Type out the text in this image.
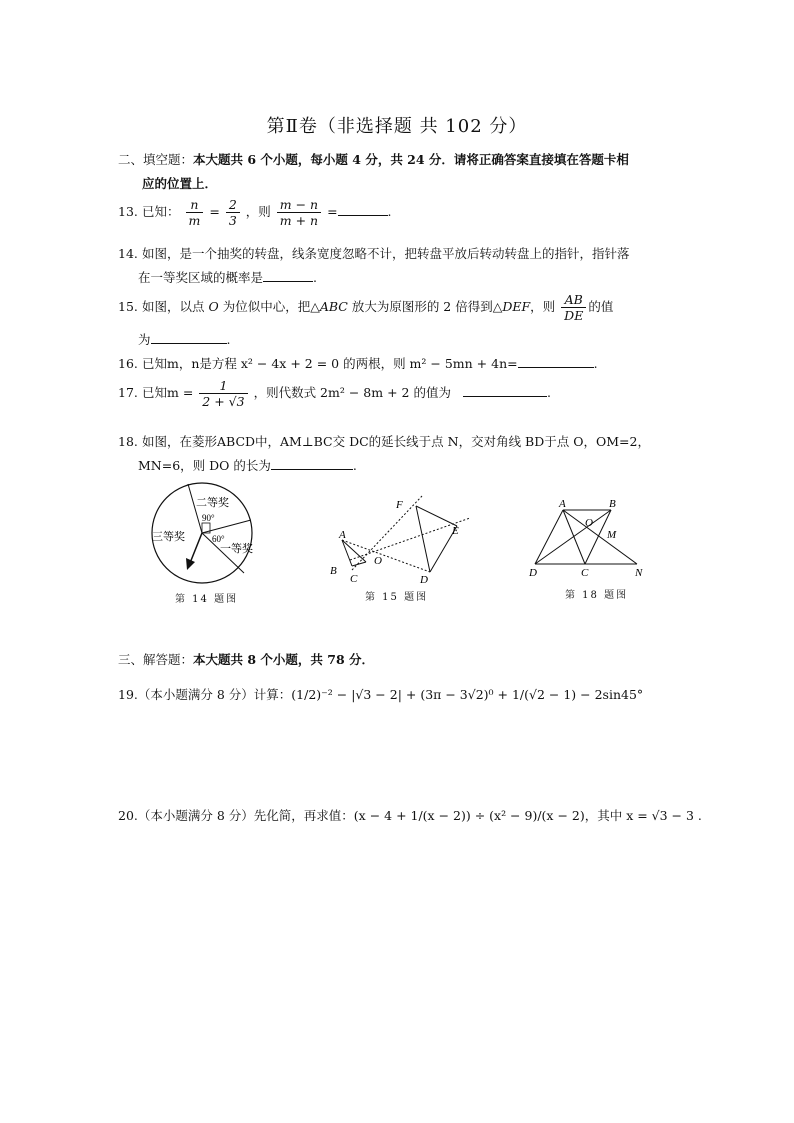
第Ⅱ卷（非选择题 共 102 分）
二、填空题：本大题共 6 个小题，每小题 4 分，共 24 分．请将正确答案直接填在答题卡相
应的位置上．
13. 已知： $\frac{n}{m} = \frac{2}{3}$ ，则 $\frac{m - n}{m + n}$ =	.
14. 如图，是一个抽奖的转盘，线条宽度忽略不计，把转盘平放后转动转盘上的指针，指针落
在一等奖区域的概率是	.
15. 如图，以点 O 为位似中心，把△ABC 放大为原图形的 2 倍得到△DEF，则 $\frac{AB}{DE}$ 的值
为	.
16. 已知m，n是方程 x² − 4x + 2 = 0 的两根，则 m² − 5mn + 4n=	.
17. 已知$m = \frac{1}{2 + √3}$ ，则代数式 2m² − 8m + 2 的值为	.
18. 如图，在菱形ABCD中，AM⊥BC交 DC的延长线于点 N，交对角线 BD于点 O，OM=2，
MN=6，则 DO 的长为	.
二等奖
90°
三等奖	60°
一等奖
第 14 题图
A
B
C
O
F
E
D
第 15 题图
A	B
O
M
D	C	N
第 18 题图
三、解答题：本大题共 8 个小题，共 78 分．
19.（本小题满分 8 分）计算：(1/2)⁻² − |√3 − 2| + (3π − 3√2)⁰ + 1/(√2 − 1) − 2sin45°
20.（本小题满分 8 分）先化简，再求值：(x − 4 + 1/(x − 2)) ÷ (x² − 9)/(x − 2)，其中 x = √3 − 3 .
